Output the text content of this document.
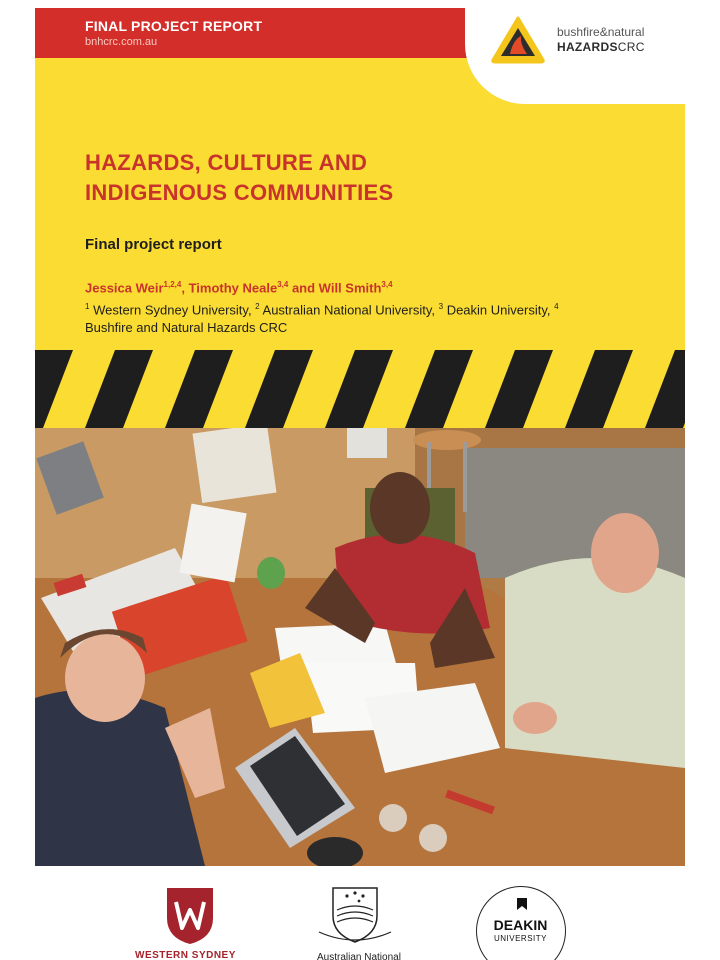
FINAL PROJECT REPORT
bnhcrc.com.au
bushfire&natural
HAZARDSCRC
HAZARDS, CULTURE AND
INDIGENOUS COMMUNITIES
Final project report
Jessica Weir$^{1,2,4}$, Timothy Neale$^{3,4}$ and Will Smith$^{3,4}$
$^1$ Western Sydney University, $^2$ Australian National University, $^3$ Deakin University, $^4$ Bushfire and Natural Hazards CRC
WESTERN SYDNEY	Australian National
DEAKIN
UNIVERSITY
